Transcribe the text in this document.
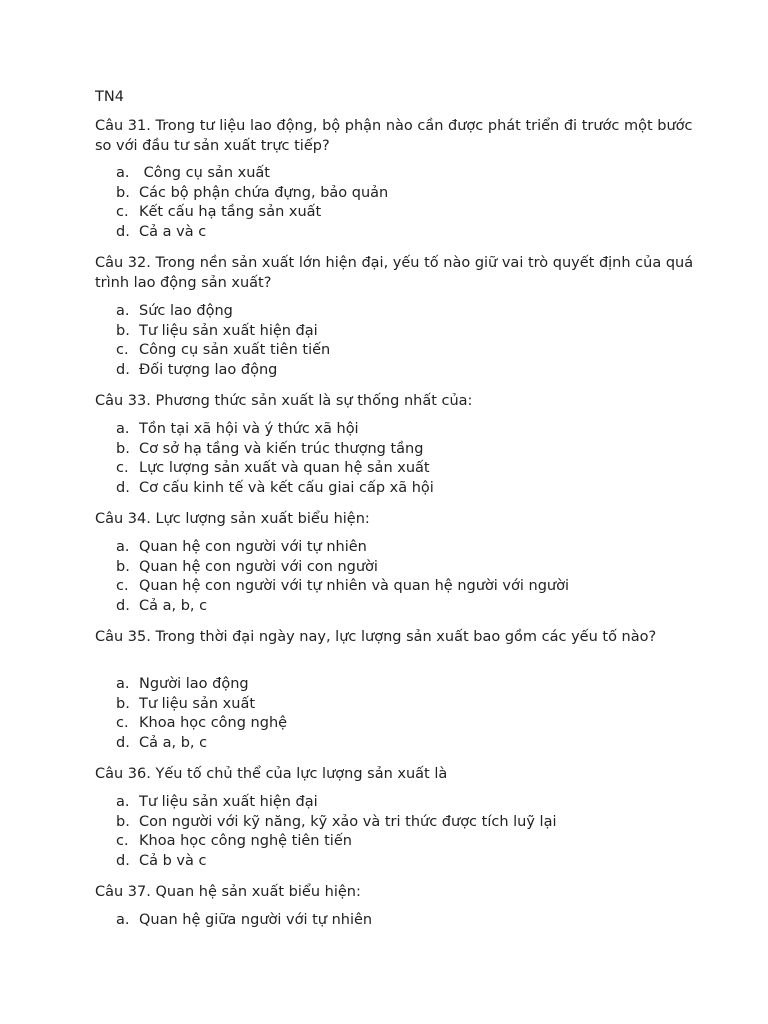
TN4
Câu 31. Trong tư liệu lao động, bộ phận nào cần được phát triển đi trước một bước so với đầu tư sản xuất trực tiếp?
a. Công cụ sản xuất
b. Các bộ phận chứa đựng, bảo quản
c. Kết cấu hạ tầng sản xuất
d. Cả a và c
Câu 32. Trong nền sản xuất lớn hiện đại, yếu tố nào giữ vai trò quyết định của quá trình lao động sản xuất?
a. Sức lao động
b. Tư liệu sản xuất hiện đại
c. Công cụ sản xuất tiên tiến
d. Đối tượng lao động
Câu 33. Phương thức sản xuất là sự thống nhất của:
a. Tồn tại xã hội và ý thức xã hội
b. Cơ sở hạ tầng và kiến trúc thượng tầng
c. Lực lượng sản xuất và quan hệ sản xuất
d. Cơ cấu kinh tế và kết cấu giai cấp xã hội
Câu 34. Lực lượng sản xuất biểu hiện:
a. Quan hệ con người với tự nhiên
b. Quan hệ con người với con người
c. Quan hệ con người với tự nhiên và quan hệ người với người
d. Cả a, b, c
Câu 35. Trong thời đại ngày nay, lực lượng sản xuất bao gồm các yếu tố nào?
a. Người lao động
b. Tư liệu sản xuất
c. Khoa học công nghệ
d. Cả a, b, c
Câu 36. Yếu tố chủ thể của lực lượng sản xuất là
a. Tư liệu sản xuất hiện đại
b. Con người với kỹ năng, kỹ xảo và tri thức được tích luỹ lại
c. Khoa học công nghệ tiên tiến
d. Cả b và c
Câu 37. Quan hệ sản xuất biểu hiện:
a. Quan hệ giữa người với tự nhiên
